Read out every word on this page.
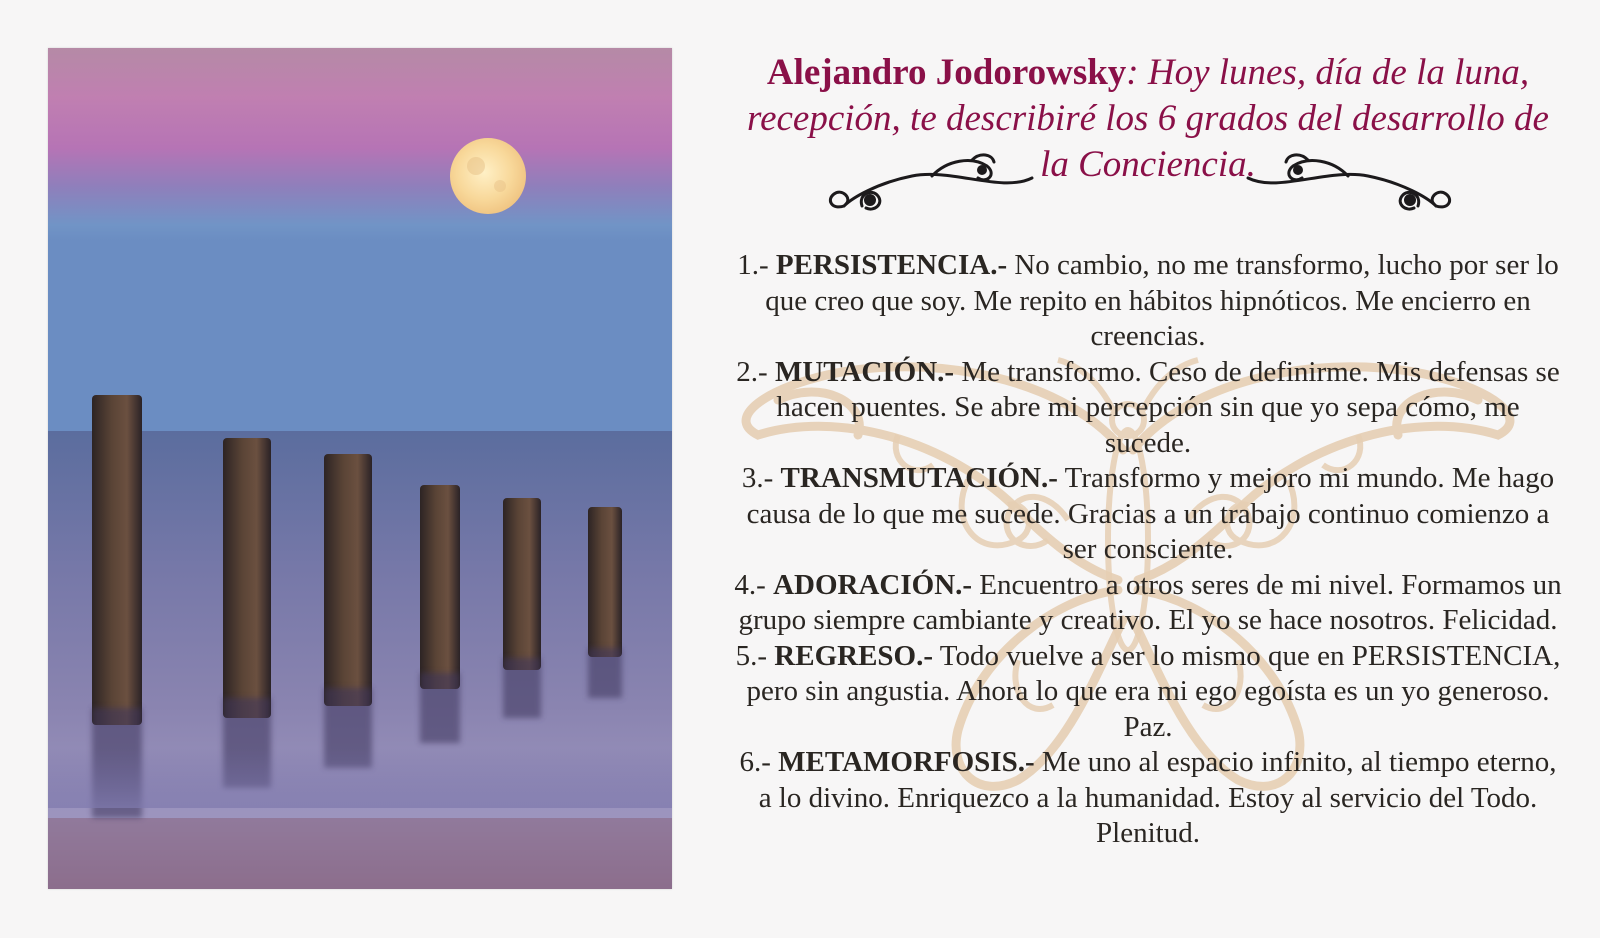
Alejandro Jodorowsky: Hoy lunes, día de la luna, recepción, te describiré los 6 grados del desarrollo de la Conciencia.

1.- PERSISTENCIA.- No cambio, no me transformo, lucho por ser lo que creo que soy. Me repito en hábitos hipnóticos. Me encierro en creencias.

2.- MUTACIÓN.- Me transformo. Ceso de definirme. Mis defensas se hacen puentes. Se abre mi percepción sin que yo sepa cómo, me sucede.

3.- TRANSMUTACIÓN.- Transformo y mejoro mi mundo. Me hago causa de lo que me sucede. Gracias a un trabajo continuo comienzo a ser consciente.

4.- ADORACIÓN.- Encuentro a otros seres de mi nivel. Formamos un grupo siempre cambiante y creativo. El yo se hace nosotros. Felicidad.

5.- REGRESO.- Todo vuelve a ser lo mismo que en PERSISTENCIA, pero sin angustia. Ahora lo que era mi ego egoísta es un yo generoso. Paz.

6.- METAMORFOSIS.- Me uno al espacio infinito, al tiempo eterno, a lo divino. Enriquezco a la humanidad. Estoy al servicio del Todo. Plenitud.
